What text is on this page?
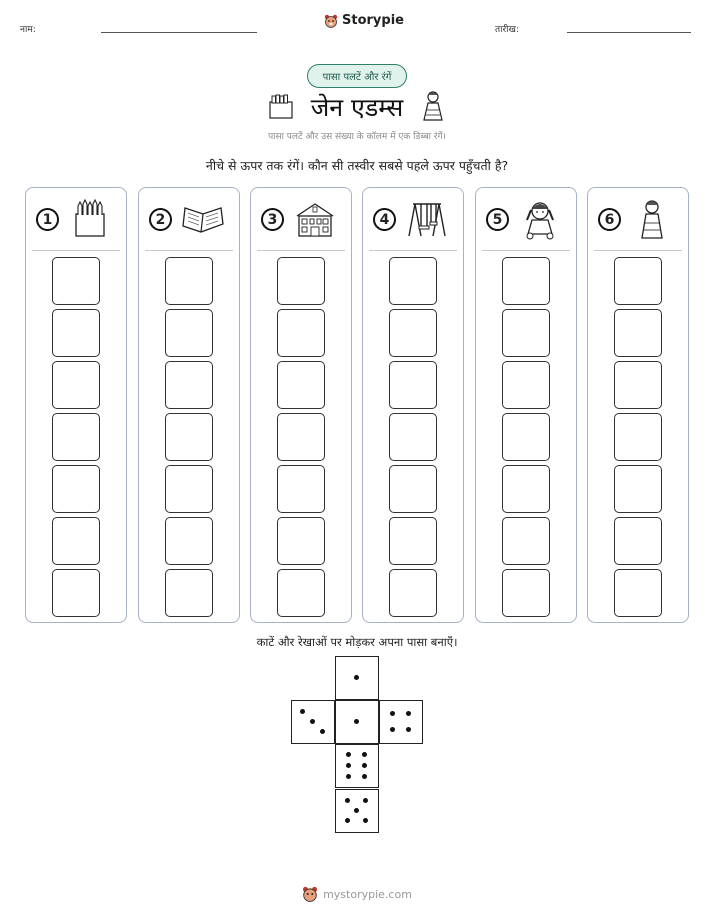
नाम:
Storypie
तारीख:
पासा पलटें और रंगें
जेन एडम्स
पासा पलटें और उस संख्या के कॉलम में एक डिब्बा रंगें।
नीचे से ऊपर तक रंगें। कौन सी तस्वीर सबसे पहले ऊपर पहुँचती है?
1	2	3	4	5	6
काटें और रेखाओं पर मोड़कर अपना पासा बनाएँ।
mystorypie.com
